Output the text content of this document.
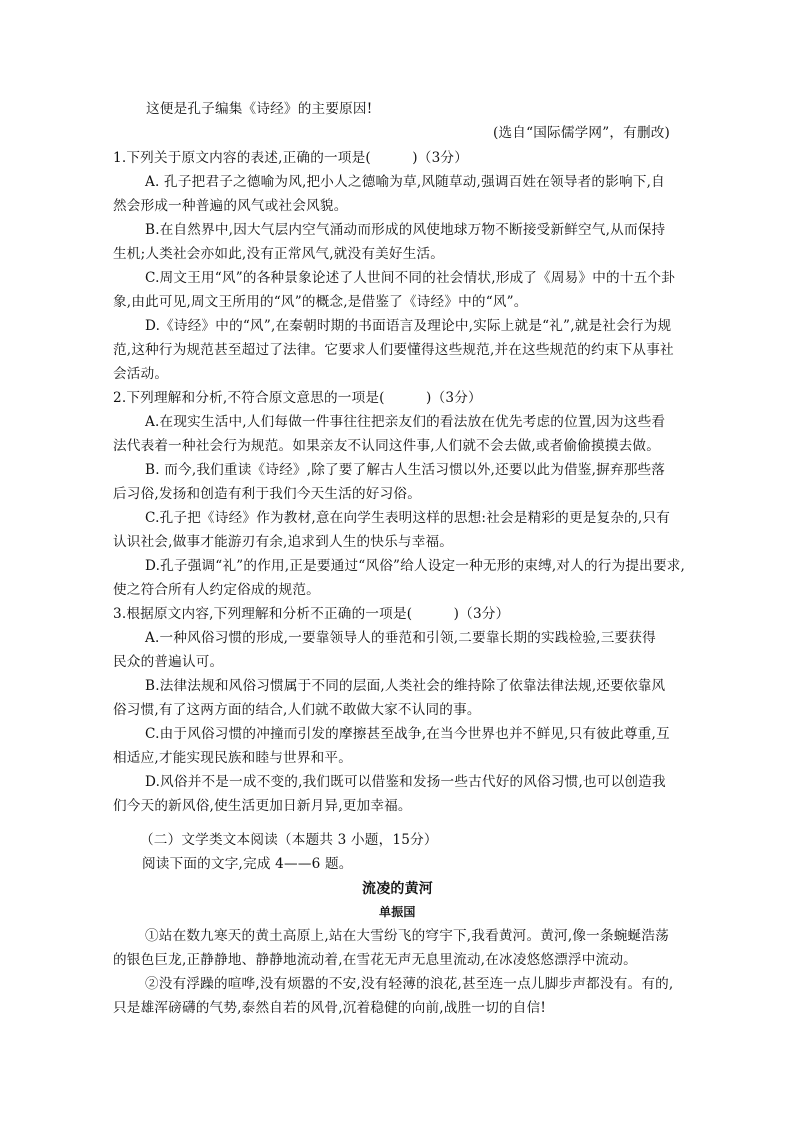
这便是孔子编集《诗经》的主要原因!
(选自“国际儒学网”，有删改)
1.下列关于原文内容的表述,正确的一项是(　　　)（3分）
A. 孔子把君子之德喻为风,把小人之德喻为草,风随草动,强调百姓在领导者的影响下,自
然会形成一种普遍的风气或社会风貌。
B.在自然界中,因大气层内空气涌动而形成的风使地球万物不断接受新鲜空气,从而保持
生机;人类社会亦如此,没有正常风气,就没有美好生活。
C.周文王用“风”的各种景象论述了人世间不同的社会情状,形成了《周易》中的十五个卦
象,由此可见,周文王所用的“风”的概念,是借鉴了《诗经》中的“风”。
D.《诗经》中的“风”,在秦朝时期的书面语言及理论中,实际上就是“礼”,就是社会行为规
范,这种行为规范甚至超过了法律。它要求人们要懂得这些规范,并在这些规范的约束下从事社
会活动。
2.下列理解和分析,不符合原文意思的一项是(　　　)（3分）
A.在现实生活中,人们每做一件事往往把亲友们的看法放在优先考虑的位置,因为这些看
法代表着一种社会行为规范。如果亲友不认同这件事,人们就不会去做,或者偷偷摸摸去做。
B. 而今,我们重读《诗经》,除了要了解古人生活习惯以外,还要以此为借鉴,摒弃那些落
后习俗,发扬和创造有利于我们今天生活的好习俗。
C.孔子把《诗经》作为教材,意在向学生表明这样的思想:社会是精彩的更是复杂的,只有
认识社会,做事才能游刃有余,追求到人生的快乐与幸福。
D.孔子强调“礼”的作用,正是要通过“风俗”给人设定一种无形的束缚,对人的行为提出要求,
使之符合所有人约定俗成的规范。
3.根据原文内容,下列理解和分析不正确的一项是(　　　)（3分）
A.一种风俗习惯的形成,一要靠领导人的垂范和引领,二要靠长期的实践检验,三要获得
民众的普遍认可。
B.法律法规和风俗习惯属于不同的层面,人类社会的维持除了依靠法律法规,还要依靠风
俗习惯,有了这两方面的结合,人们就不敢做大家不认同的事。
C.由于风俗习惯的冲撞而引发的摩擦甚至战争,在当今世界也并不鲜见,只有彼此尊重,互
相适应,才能实现民族和睦与世界和平。
D.风俗并不是一成不变的,我们既可以借鉴和发扬一些古代好的风俗习惯,也可以创造我
们今天的新风俗,使生活更加日新月异,更加幸福。
（二）文学类文本阅读（本题共 3 小题，15分）
阅读下面的文字,完成 4——6 题。
流凌的黄河
单振国
①站在数九寒天的黄土高原上,站在大雪纷飞的穹宇下,我看黄河。黄河,像一条蜿蜒浩荡
的银色巨龙,正静静地、静静地流动着,在雪花无声无息里流动,在冰凌悠悠漂浮中流动。
②没有浮躁的喧哗,没有烦嚣的不安,没有轻薄的浪花,甚至连一点儿脚步声都没有。有的,
只是雄浑磅礴的气势,泰然自若的风骨,沉着稳健的向前,战胜一切的自信!
